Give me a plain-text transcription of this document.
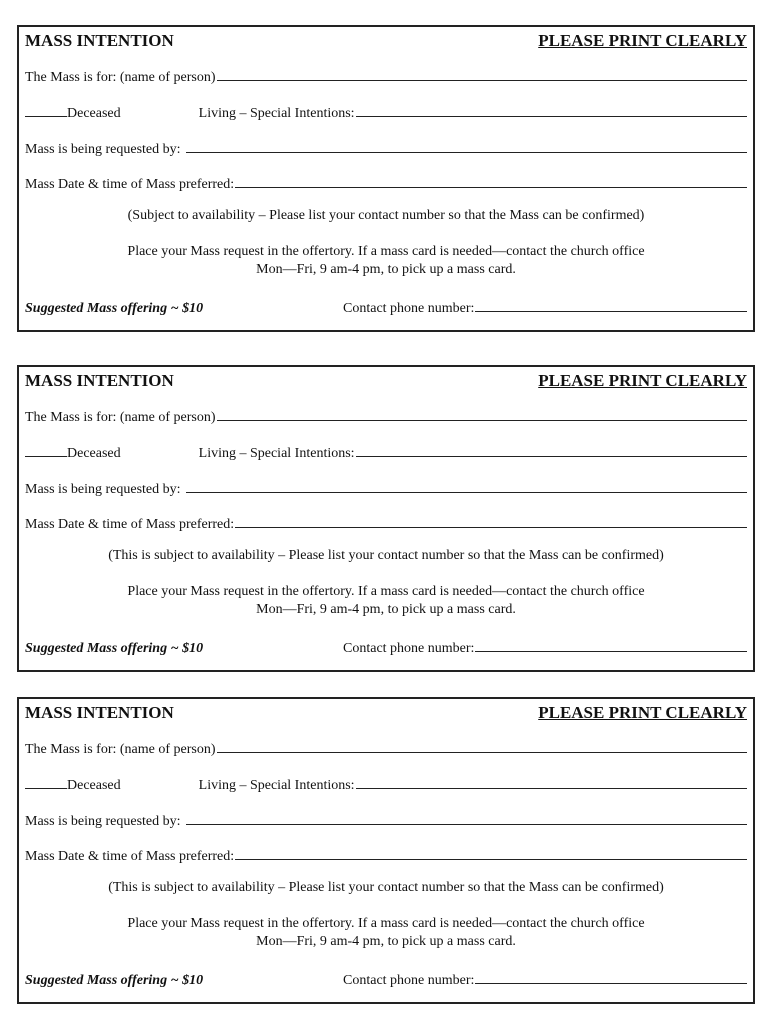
MASS INTENTION	PLEASE PRINT CLEARLY
The Mass is for: (name of person)
Deceased	Living – Special Intentions:
Mass is being requested by:
Mass Date & time of Mass preferred:
(Subject to availability – Please list your contact number so that the Mass can be confirmed)
Place your Mass request in the offertory. If a mass card is needed—contact the church office
Mon—Fri, 9 am-4 pm, to pick up a mass card.
Suggested Mass offering ~ $10	Contact phone number:
MASS INTENTION	PLEASE PRINT CLEARLY
The Mass is for: (name of person)
Deceased	Living – Special Intentions:
Mass is being requested by:
Mass Date & time of Mass preferred:
(This is subject to availability – Please list your contact number so that the Mass can be confirmed)
Place your Mass request in the offertory. If a mass card is needed—contact the church office
Mon—Fri, 9 am-4 pm, to pick up a mass card.
Suggested Mass offering ~ $10	Contact phone number:
MASS INTENTION	PLEASE PRINT CLEARLY
The Mass is for: (name of person)
Deceased	Living – Special Intentions:
Mass is being requested by:
Mass Date & time of Mass preferred:
(This is subject to availability – Please list your contact number so that the Mass can be confirmed)
Place your Mass request in the offertory. If a mass card is needed—contact the church office
Mon—Fri, 9 am-4 pm, to pick up a mass card.
Suggested Mass offering ~ $10	Contact phone number:
